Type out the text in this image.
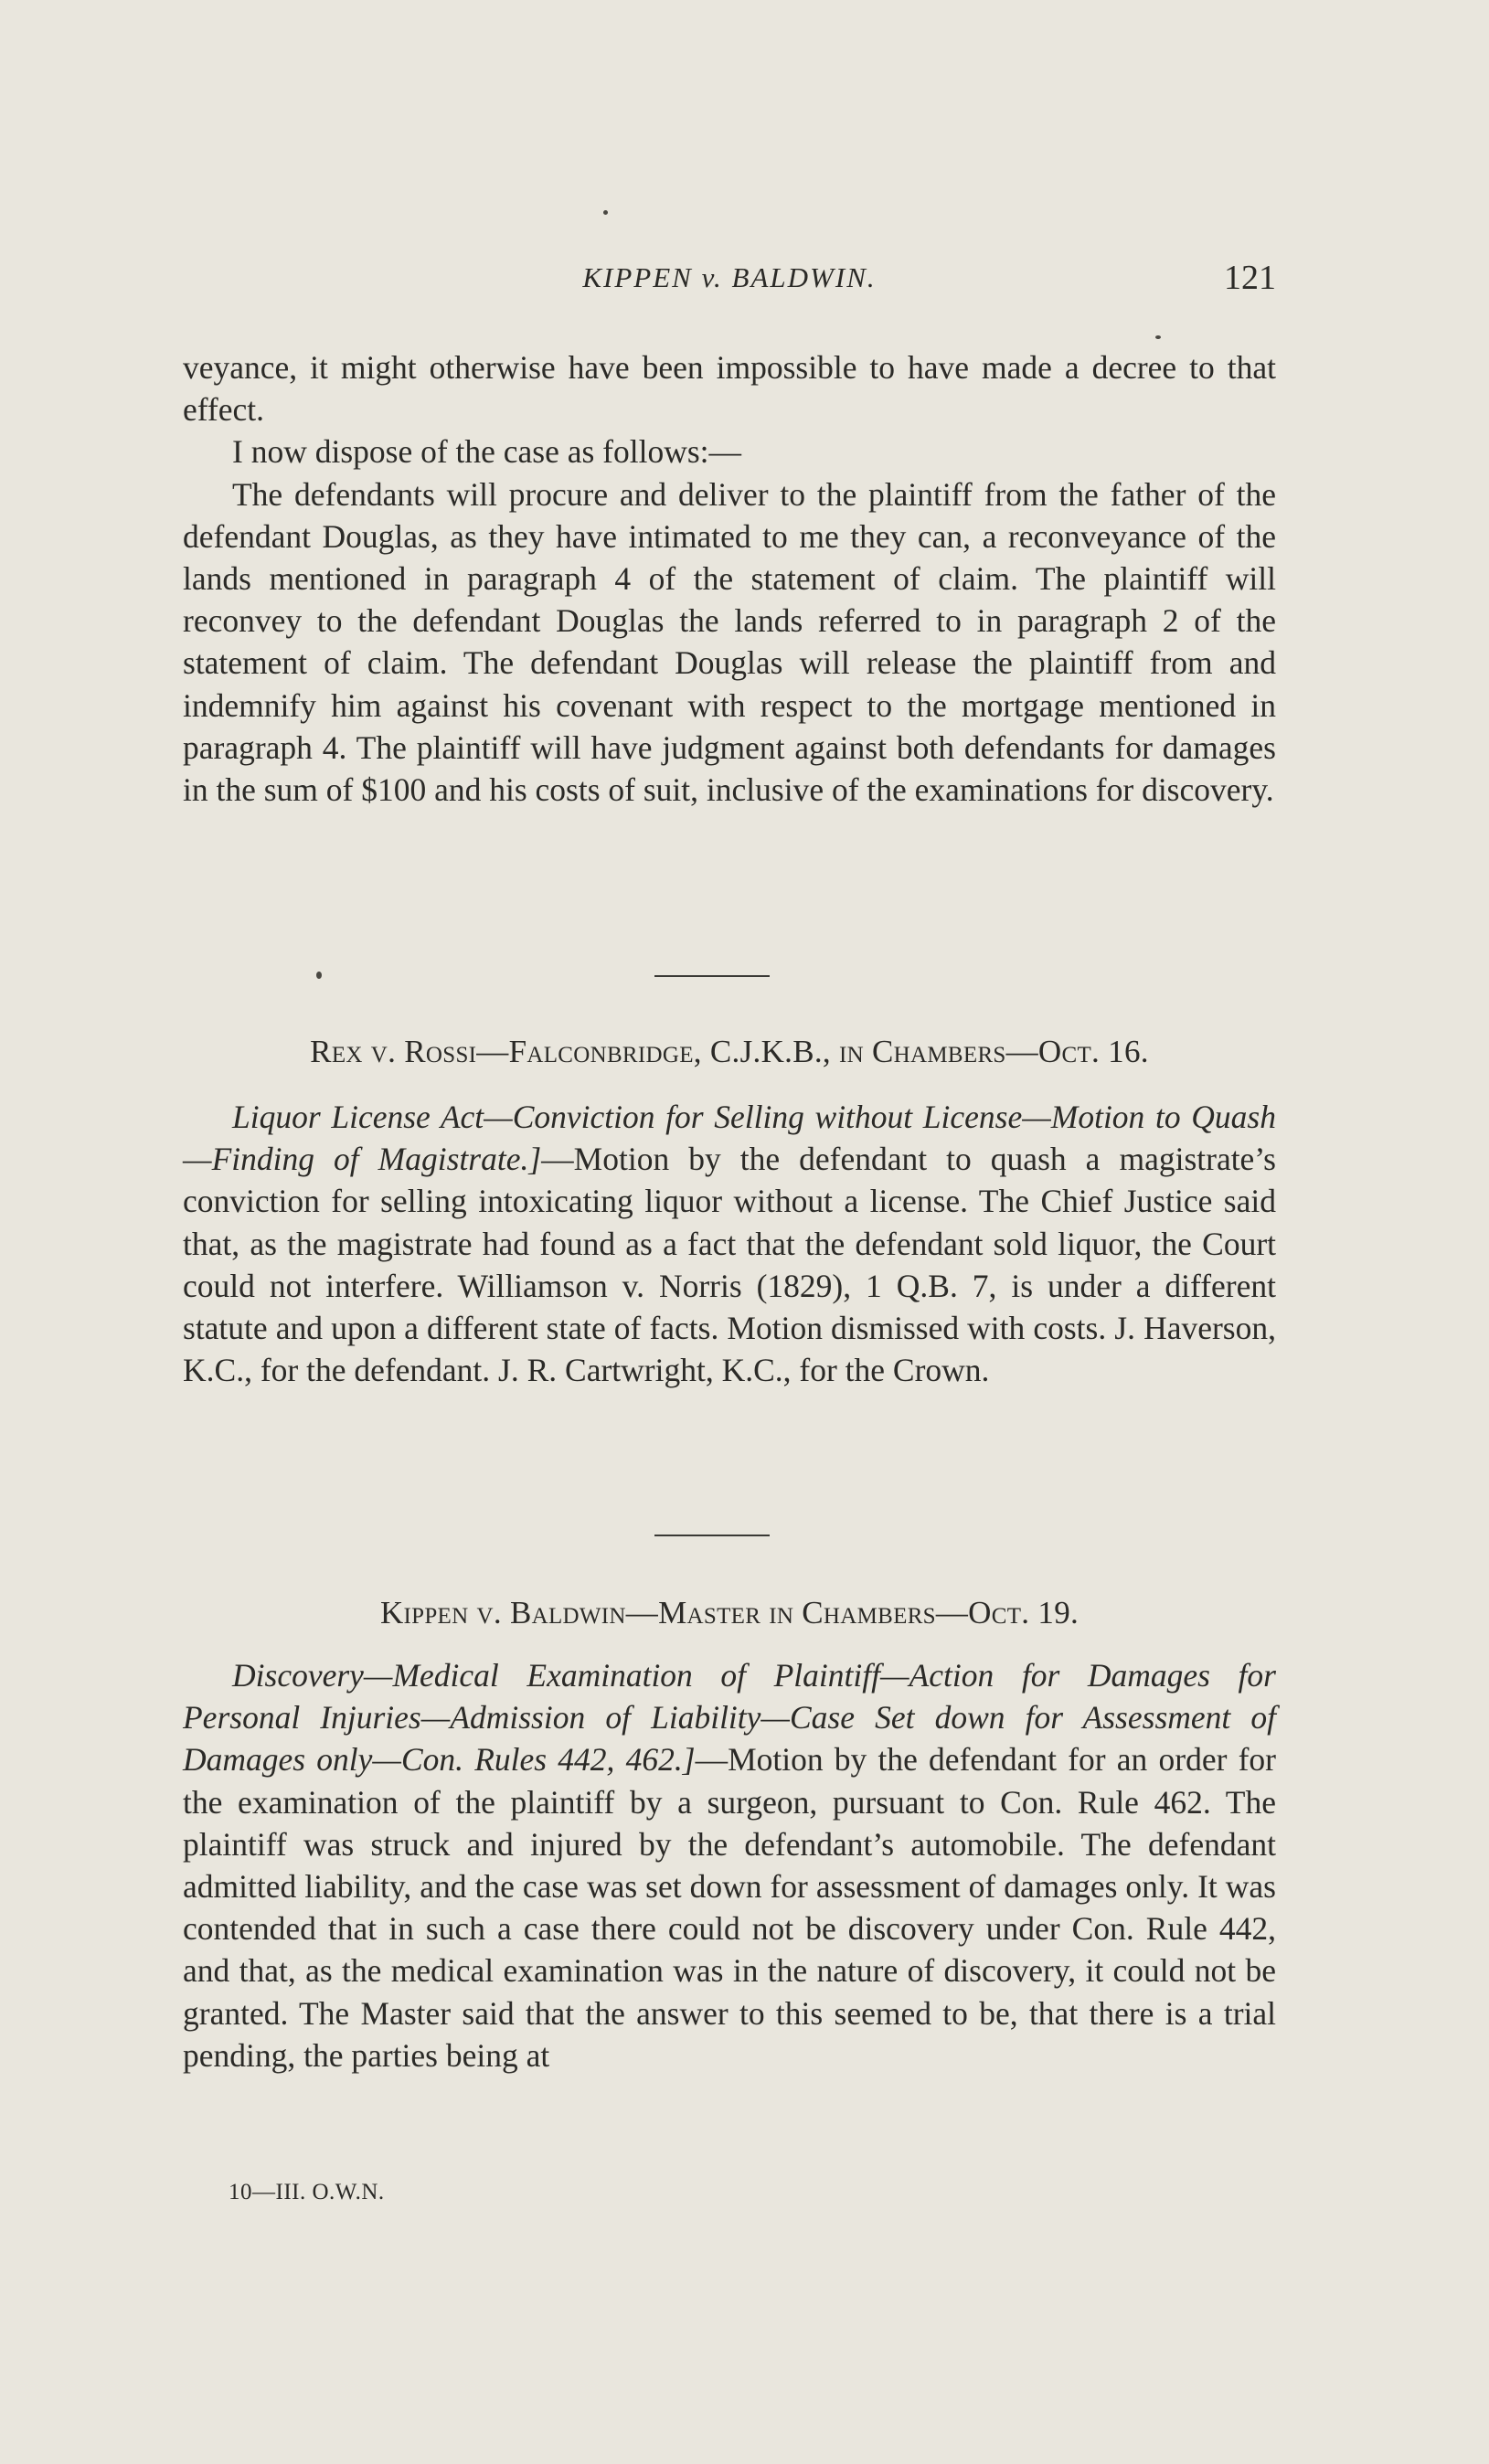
KIPPEN v. BALDWIN.	121

veyance, it might otherwise have been impossible to have made a decree to that effect.

I now dispose of the case as follows:—

The defendants will procure and deliver to the plaintiff from the father of the defendant Douglas, as they have intimated to me they can, a reconveyance of the lands mentioned in paragraph 4 of the statement of claim. The plaintiff will reconvey to the defendant Douglas the lands referred to in paragraph 2 of the statement of claim. The defendant Douglas will release the plaintiff from and indemnify him against his covenant with respect to the mortgage mentioned in paragraph 4. The plaintiff will have judgment against both defendants for damages in the sum of $100 and his costs of suit, inclusive of the examinations for discovery.

Rex v. Rossi—Falconbridge, C.J.K.B., in Chambers—Oct. 16.

Liquor License Act—Conviction for Selling without License—Motion to Quash—Finding of Magistrate.]—Motion by the defendant to quash a magistrate’s conviction for selling intoxicating liquor without a license. The Chief Justice said that, as the magistrate had found as a fact that the defendant sold liquor, the Court could not interfere. Williamson v. Norris (1829), 1 Q.B. 7, is under a different statute and upon a different state of facts. Motion dismissed with costs. J. Haverson, K.C., for the defendant. J. R. Cartwright, K.C., for the Crown.

Kippen v. Baldwin—Master in Chambers—Oct. 19.

Discovery—Medical Examination of Plaintiff—Action for Damages for Personal Injuries—Admission of Liability—Case Set down for Assessment of Damages only—Con. Rules 442, 462.]—Motion by the defendant for an order for the examination of the plaintiff by a surgeon, pursuant to Con. Rule 462. The plaintiff was struck and injured by the defendant’s automobile. The defendant admitted liability, and the case was set down for assessment of damages only. It was contended that in such a case there could not be discovery under Con. Rule 442, and that, as the medical examination was in the nature of discovery, it could not be granted. The Master said that the answer to this seemed to be, that there is a trial pending, the parties being at

10—III. O.W.N.
